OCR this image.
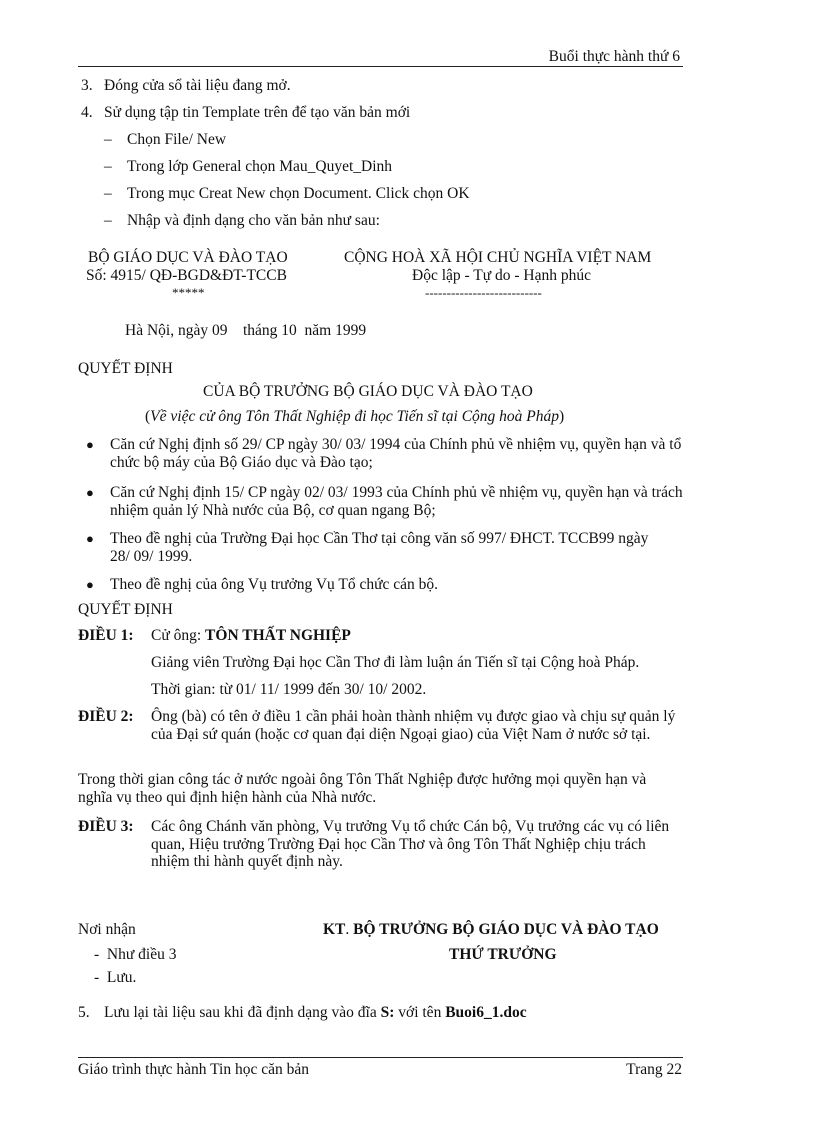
Buổi thực hành thứ 6
3. Đóng cửa sổ tài liệu đang mở.
4. Sử dụng tập tin Template trên để tạo văn bản mới
– Chọn File/ New
– Trong lớp General chọn Mau_Quyet_Dinh
– Trong mục Creat New chọn Document. Click chọn OK
– Nhập và định dạng cho văn bản như sau:
BỘ GIÁO DỤC VÀ ĐÀO TẠO
Số: 4915/ QĐ-BGD&ĐT-TCCB
*****
CỘNG HOÀ XÃ HỘI CHỦ NGHĨA VIỆT NAM
Độc lập - Tự do - Hạnh phúc
---------------------------
Hà Nội, ngày 09    tháng 10  năm 1999
QUYẾT ĐỊNH
CỦA BỘ TRƯỞNG BỘ GIÁO DỤC VÀ ĐÀO TẠO
(Về việc cử ông Tôn Thất Nghiệp đi học Tiến sĩ tại Cộng hoà Pháp)
● Căn cứ Nghị định số 29/ CP ngày 30/ 03/ 1994 của Chính phủ về nhiệm vụ, quyền hạn và tổ chức bộ máy của Bộ Giáo dục và Đào tạo;
● Căn cứ Nghị định 15/ CP ngày 02/ 03/ 1993 của Chính phủ về nhiệm vụ, quyền hạn và trách nhiệm quản lý Nhà nước của Bộ, cơ quan ngang Bộ;
● Theo đề nghị của Trường Đại học Cần Thơ tại công văn số 997/ ĐHCT. TCCB99 ngày 28/ 09/ 1999.
● Theo đề nghị của ông Vụ trưởng Vụ Tổ chức cán bộ.
QUYẾT ĐỊNH
ĐIỀU 1: Cử ông: TÔN THẤT NGHIỆP
Giảng viên Trường Đại học Cần Thơ đi làm luận án Tiến sĩ tại Cộng hoà Pháp.
Thời gian: từ 01/ 11/ 1999 đến 30/ 10/ 2002.
ĐIỀU 2: Ông (bà) có tên ở điều 1 cần phải hoàn thành nhiệm vụ được giao và chịu sự quản lý của Đại sứ quán (hoặc cơ quan đại diện Ngoại giao) của Việt Nam ở nước sở tại.
Trong thời gian công tác ở nước ngoài ông Tôn Thất Nghiệp được hưởng mọi quyền hạn và nghĩa vụ theo qui định hiện hành của Nhà nước.
ĐIỀU 3: Các ông Chánh văn phòng, Vụ trưởng Vụ tổ chức Cán bộ, Vụ trưởng các vụ có liên quan, Hiệu trưởng Trường Đại học Cần Thơ và ông Tôn Thất Nghiệp chịu trách nhiệm thi hành quyết định này.
Nơi nhận
-  Như điều 3
-  Lưu.
KT. BỘ TRƯỞNG BỘ GIÁO DỤC VÀ ĐÀO TẠO
THỨ TRƯỞNG
5. Lưu lại tài liệu sau khi đã định dạng vào đĩa S: với tên Buoi6_1.doc
Giáo trình thực hành Tin học căn bản	Trang 22
